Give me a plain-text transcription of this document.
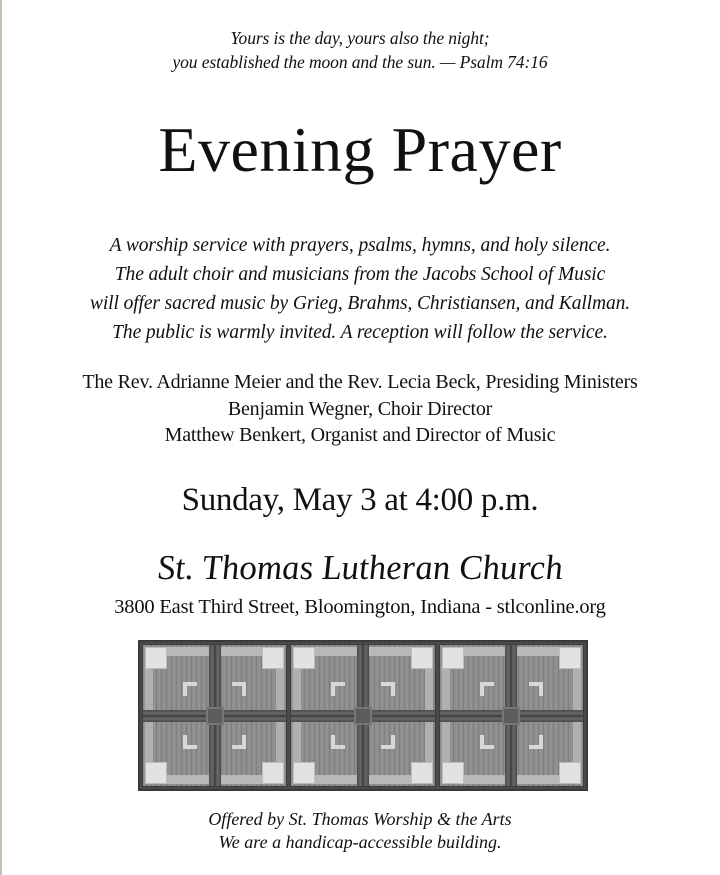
Yours is the day, yours also the night;
you established the moon and the sun. — Psalm 74:16
Evening Prayer
A worship service with prayers, psalms, hymns, and holy silence.
The adult choir and musicians from the Jacobs School of Music
will offer sacred music by Grieg, Brahms, Christiansen, and Kallman.
The public is warmly invited. A reception will follow the service.
The Rev. Adrianne Meier and the Rev. Lecia Beck, Presiding Ministers
Benjamin Wegner, Choir Director
Matthew Benkert, Organist and Director of Music
Sunday, May 3 at 4:00 p.m.
St. Thomas Lutheran Church
3800 East Third Street, Bloomington, Indiana - stlconline.org
Offered by St. Thomas Worship & the Arts
We are a handicap-accessible building.
